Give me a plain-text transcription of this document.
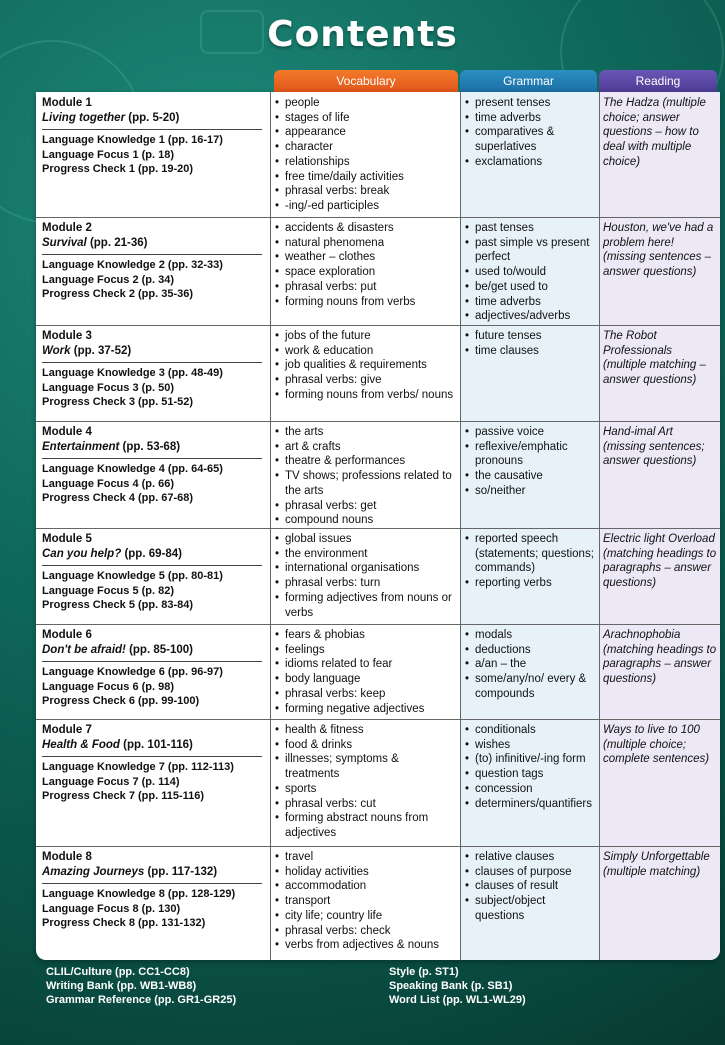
Contents
Vocabulary	Grammar	Reading
Module 1
Living together (pp. 5-20)
Language Knowledge 1 (pp. 16-17)
Language Focus 1 (p. 18)
Progress Check 1 (pp. 19-20)
• people
• stages of life
• appearance
• character
• relationships
• free time/daily activities
• phrasal verbs: break
• -ing/-ed participles
• present tenses
• time adverbs
• comparatives & superlatives
• exclamations
The Hadza (multiple choice; answer questions – how to deal with multiple choice)
Module 2
Survival (pp. 21-36)
Language Knowledge 2 (pp. 32-33)
Language Focus 2 (p. 34)
Progress Check 2 (pp. 35-36)
• accidents & disasters
• natural phenomena
• weather – clothes
• space exploration
• phrasal verbs: put
• forming nouns from verbs
• past tenses
• past simple vs present perfect
• used to/would
• be/get used to
• time adverbs
• adjectives/adverbs
Houston, we've had a problem here! (missing sentences – answer questions)
Module 3
Work (pp. 37-52)
Language Knowledge 3 (pp. 48-49)
Language Focus 3 (p. 50)
Progress Check 3 (pp. 51-52)
• jobs of the future
• work & education
• job qualities & requirements
• phrasal verbs: give
• forming nouns from verbs/ nouns
• future tenses
• time clauses
The Robot Professionals (multiple matching – answer questions)
Module 4
Entertainment (pp. 53-68)
Language Knowledge 4 (pp. 64-65)
Language Focus 4 (p. 66)
Progress Check 4 (pp. 67-68)
• the arts
• art & crafts
• theatre & performances
• TV shows; professions related to the arts
• phrasal verbs: get
• compound nouns
• passive voice
• reflexive/emphatic pronouns
• the causative
• so/neither
Hand-imal Art (missing sentences; answer questions)
Module 5
Can you help? (pp. 69-84)
Language Knowledge 5 (pp. 80-81)
Language Focus 5 (p. 82)
Progress Check 5 (pp. 83-84)
• global issues
• the environment
• international organisations
• phrasal verbs: turn
• forming adjectives from nouns or verbs
• reported speech (statements; questions; commands)
• reporting verbs
Electric light Overload (matching headings to paragraphs – answer questions)
Module 6
Don't be afraid! (pp. 85-100)
Language Knowledge 6 (pp. 96-97)
Language Focus 6 (p. 98)
Progress Check 6 (pp. 99-100)
• fears & phobias
• feelings
• idioms related to fear
• body language
• phrasal verbs: keep
• forming negative adjectives
• modals
• deductions
• a/an – the
• some/any/no/ every & compounds
Arachnophobia (matching headings to paragraphs – answer questions)
Module 7
Health & Food (pp. 101-116)
Language Knowledge 7 (pp. 112-113)
Language Focus 7 (p. 114)
Progress Check 7 (pp. 115-116)
• health & fitness
• food & drinks
• illnesses; symptoms & treatments
• sports
• phrasal verbs: cut
• forming abstract nouns from adjectives
• conditionals
• wishes
• (to) infinitive/-ing form
• question tags
• concession
• determiners/quantifiers
Ways to live to 100 (multiple choice; complete sentences)
Module 8
Amazing Journeys (pp. 117-132)
Language Knowledge 8 (pp. 128-129)
Language Focus 8 (p. 130)
Progress Check 8 (pp. 131-132)
• travel
• holiday activities
• accommodation
• transport
• city life; country life
• phrasal verbs: check
• verbs from adjectives & nouns
• relative clauses
• clauses of purpose
• clauses of result
• subject/object questions
Simply Unforgettable (multiple matching)
CLIL/Culture (pp. CC1-CC8)
Writing Bank (pp. WB1-WB8)
Grammar Reference (pp. GR1-GR25)
Style (p. ST1)
Speaking Bank (p. SB1)
Word List (pp. WL1-WL29)
